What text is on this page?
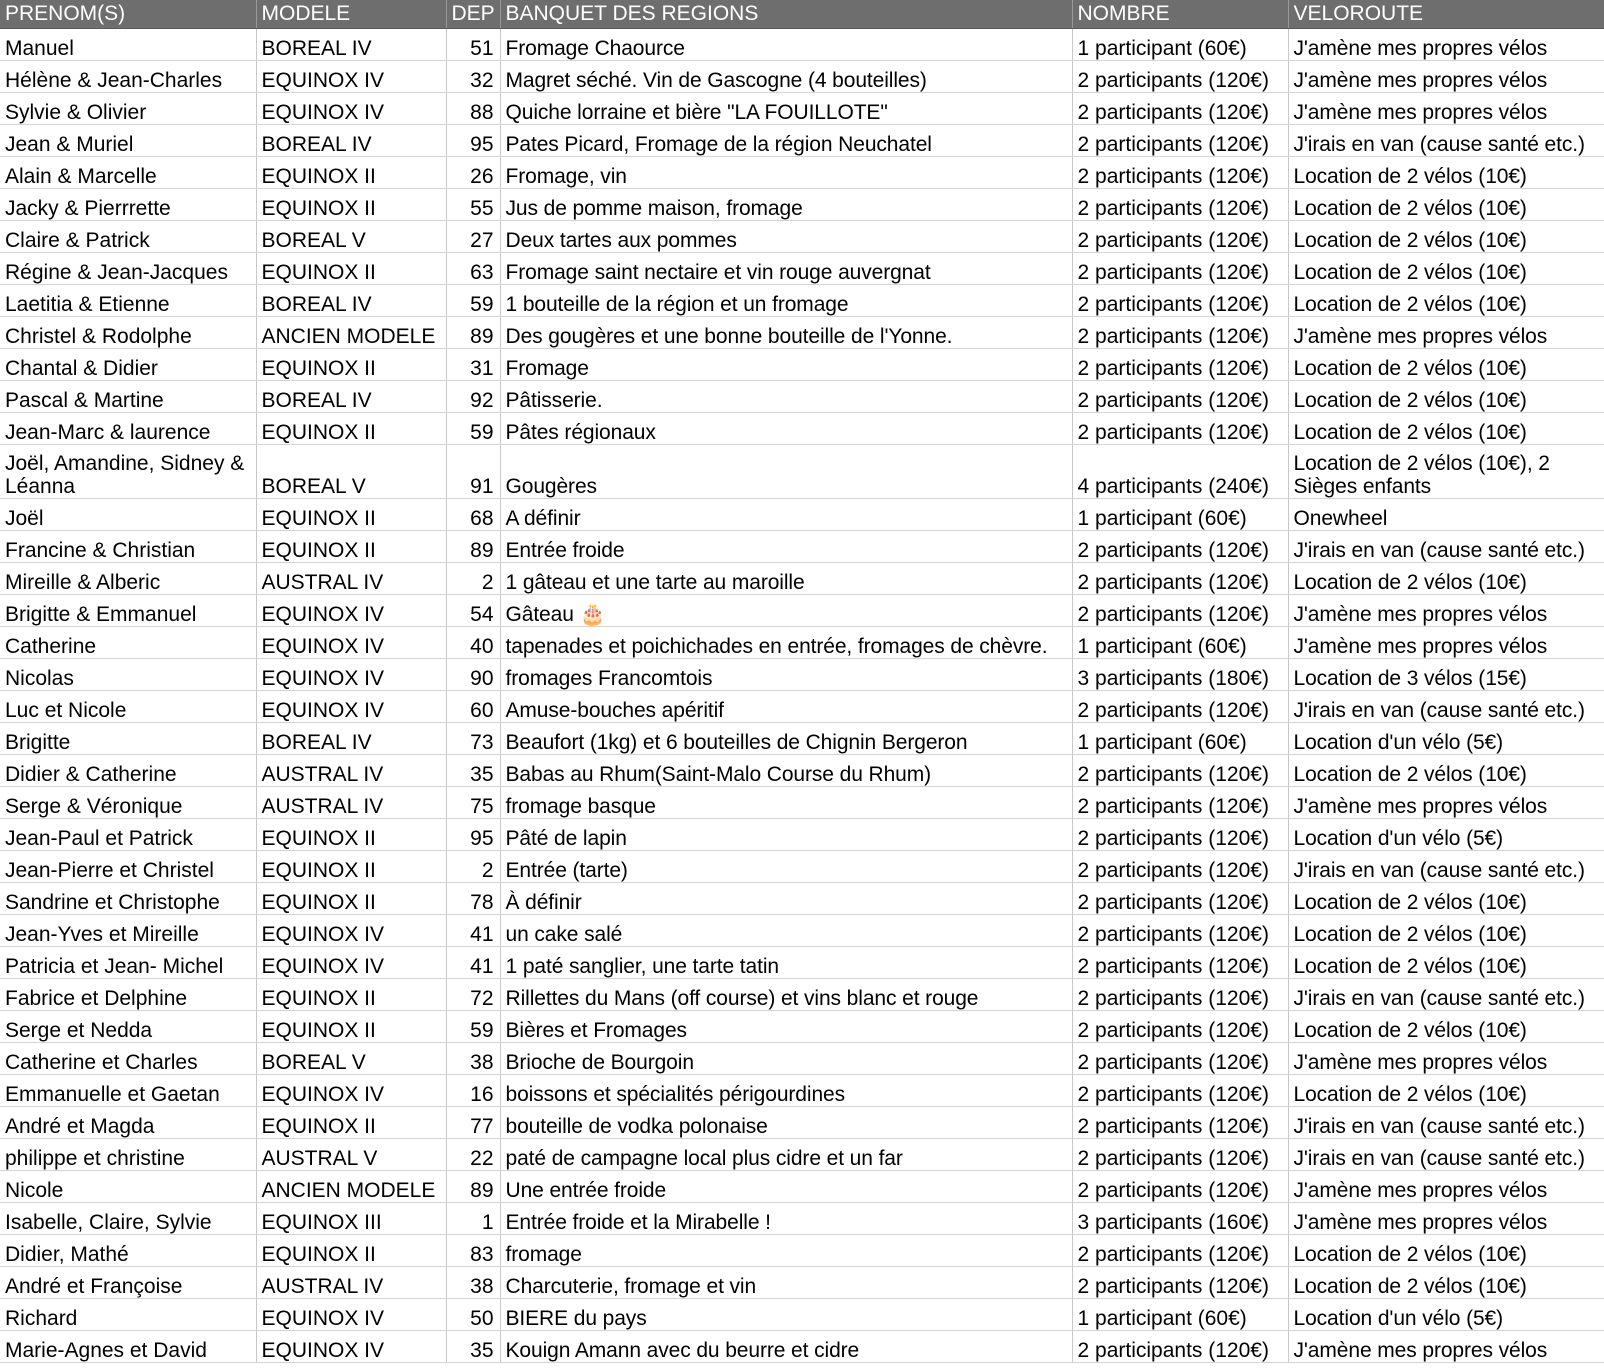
PRENOM(S)	MODELE	DEP	BANQUET DES REGIONS	NOMBRE	VELOROUTE
Manuel	BOREAL IV	51	Fromage Chaource	1 participant (60€)	J'amène mes propres vélos
Hélène & Jean-Charles	EQUINOX IV	32	Magret séché. Vin de Gascogne (4 bouteilles)	2 participants (120€)	J'amène mes propres vélos
Sylvie & Olivier	EQUINOX IV	88	Quiche lorraine et bière "LA FOUILLOTE"	2 participants (120€)	J'amène mes propres vélos
Jean & Muriel	BOREAL IV	95	Pates Picard, Fromage de la région Neuchatel	2 participants (120€)	J'irais en van (cause santé etc.)
Alain & Marcelle	EQUINOX II	26	Fromage, vin	2 participants (120€)	Location de 2 vélos (10€)
Jacky & Pierrrette	EQUINOX II	55	Jus de pomme maison, fromage	2 participants (120€)	Location de 2 vélos (10€)
Claire & Patrick	BOREAL V	27	Deux tartes aux pommes	2 participants (120€)	Location de 2 vélos (10€)
Régine & Jean-Jacques	EQUINOX II	63	Fromage saint nectaire et vin rouge auvergnat	2 participants (120€)	Location de 2 vélos (10€)
Laetitia & Etienne	BOREAL IV	59	1 bouteille de la région et un fromage	2 participants (120€)	Location de 2 vélos (10€)
Christel & Rodolphe	ANCIEN MODELE	89	Des gougères et une bonne bouteille de l'Yonne.	2 participants (120€)	J'amène mes propres vélos
Chantal & Didier	EQUINOX II	31	Fromage	2 participants (120€)	Location de 2 vélos (10€)
Pascal & Martine	BOREAL IV	92	Pâtisserie.	2 participants (120€)	Location de 2 vélos (10€)
Jean-Marc & laurence	EQUINOX II	59	Pâtes régionaux	2 participants (120€)	Location de 2 vélos (10€)
Joël, Amandine, Sidney & Léanna	BOREAL V	91	Gougères	4 participants (240€)	Location de 2 vélos (10€), 2 Sièges enfants
Joël	EQUINOX II	68	A définir	1 participant (60€)	Onewheel
Francine & Christian	EQUINOX II	89	Entrée froide	2 participants (120€)	J'irais en van (cause santé etc.)
Mireille & Alberic	AUSTRAL IV	2	1 gâteau et une tarte au maroille	2 participants (120€)	Location de 2 vélos (10€)
Brigitte & Emmanuel	EQUINOX IV	54	Gâteau 🎂	2 participants (120€)	J'amène mes propres vélos
Catherine	EQUINOX IV	40	tapenades et poichichades en entrée, fromages de chèvre.	1 participant (60€)	J'amène mes propres vélos
Nicolas	EQUINOX IV	90	fromages Francomtois	3 participants (180€)	Location de 3 vélos (15€)
Luc et Nicole	EQUINOX IV	60	Amuse-bouches apéritif	2 participants (120€)	J'irais en van (cause santé etc.)
Brigitte	BOREAL IV	73	Beaufort (1kg) et 6 bouteilles de Chignin Bergeron	1 participant (60€)	Location d'un vélo (5€)
Didier & Catherine	AUSTRAL IV	35	Babas au Rhum(Saint-Malo Course du Rhum)	2 participants (120€)	Location de 2 vélos (10€)
Serge & Véronique	AUSTRAL IV	75	fromage basque	2 participants (120€)	J'amène mes propres vélos
Jean-Paul et Patrick	EQUINOX II	95	Pâté de lapin	2 participants (120€)	Location d'un vélo (5€)
Jean-Pierre et Christel	EQUINOX II	2	Entrée (tarte)	2 participants (120€)	J'irais en van (cause santé etc.)
Sandrine et Christophe	EQUINOX II	78	À définir	2 participants (120€)	Location de 2 vélos (10€)
Jean-Yves et Mireille	EQUINOX IV	41	un cake salé	2 participants (120€)	Location de 2 vélos (10€)
Patricia et Jean- Michel	EQUINOX IV	41	1 paté sanglier, une tarte tatin	2 participants (120€)	Location de 2 vélos (10€)
Fabrice et Delphine	EQUINOX II	72	Rillettes du Mans (off course) et vins blanc et rouge	2 participants (120€)	J'irais en van (cause santé etc.)
Serge et Nedda	EQUINOX II	59	Bières et Fromages	2 participants (120€)	Location de 2 vélos (10€)
Catherine et Charles	BOREAL V	38	Brioche de Bourgoin	2 participants (120€)	J'amène mes propres vélos
Emmanuelle et Gaetan	EQUINOX IV	16	boissons et spécialités périgourdines	2 participants (120€)	Location de 2 vélos (10€)
André et Magda	EQUINOX II	77	bouteille de vodka polonaise	2 participants (120€)	J'irais en van (cause santé etc.)
philippe et christine	AUSTRAL V	22	paté de campagne local plus cidre et un far	2 participants (120€)	J'irais en van (cause santé etc.)
Nicole	ANCIEN MODELE	89	Une entrée froide	2 participants (120€)	J'amène mes propres vélos
Isabelle, Claire, Sylvie	EQUINOX III	1	Entrée froide et la Mirabelle !	3 participants (160€)	J'amène mes propres vélos
Didier, Mathé	EQUINOX II	83	fromage	2 participants (120€)	Location de 2 vélos (10€)
André et Françoise	AUSTRAL IV	38	Charcuterie, fromage et vin	2 participants (120€)	Location de 2 vélos (10€)
Richard	EQUINOX IV	50	BIERE du pays	1 participant (60€)	Location d'un vélo (5€)
Marie-Agnes et David	EQUINOX IV	35	Kouign Amann avec du beurre et cidre	2 participants (120€)	J'amène mes propres vélos
